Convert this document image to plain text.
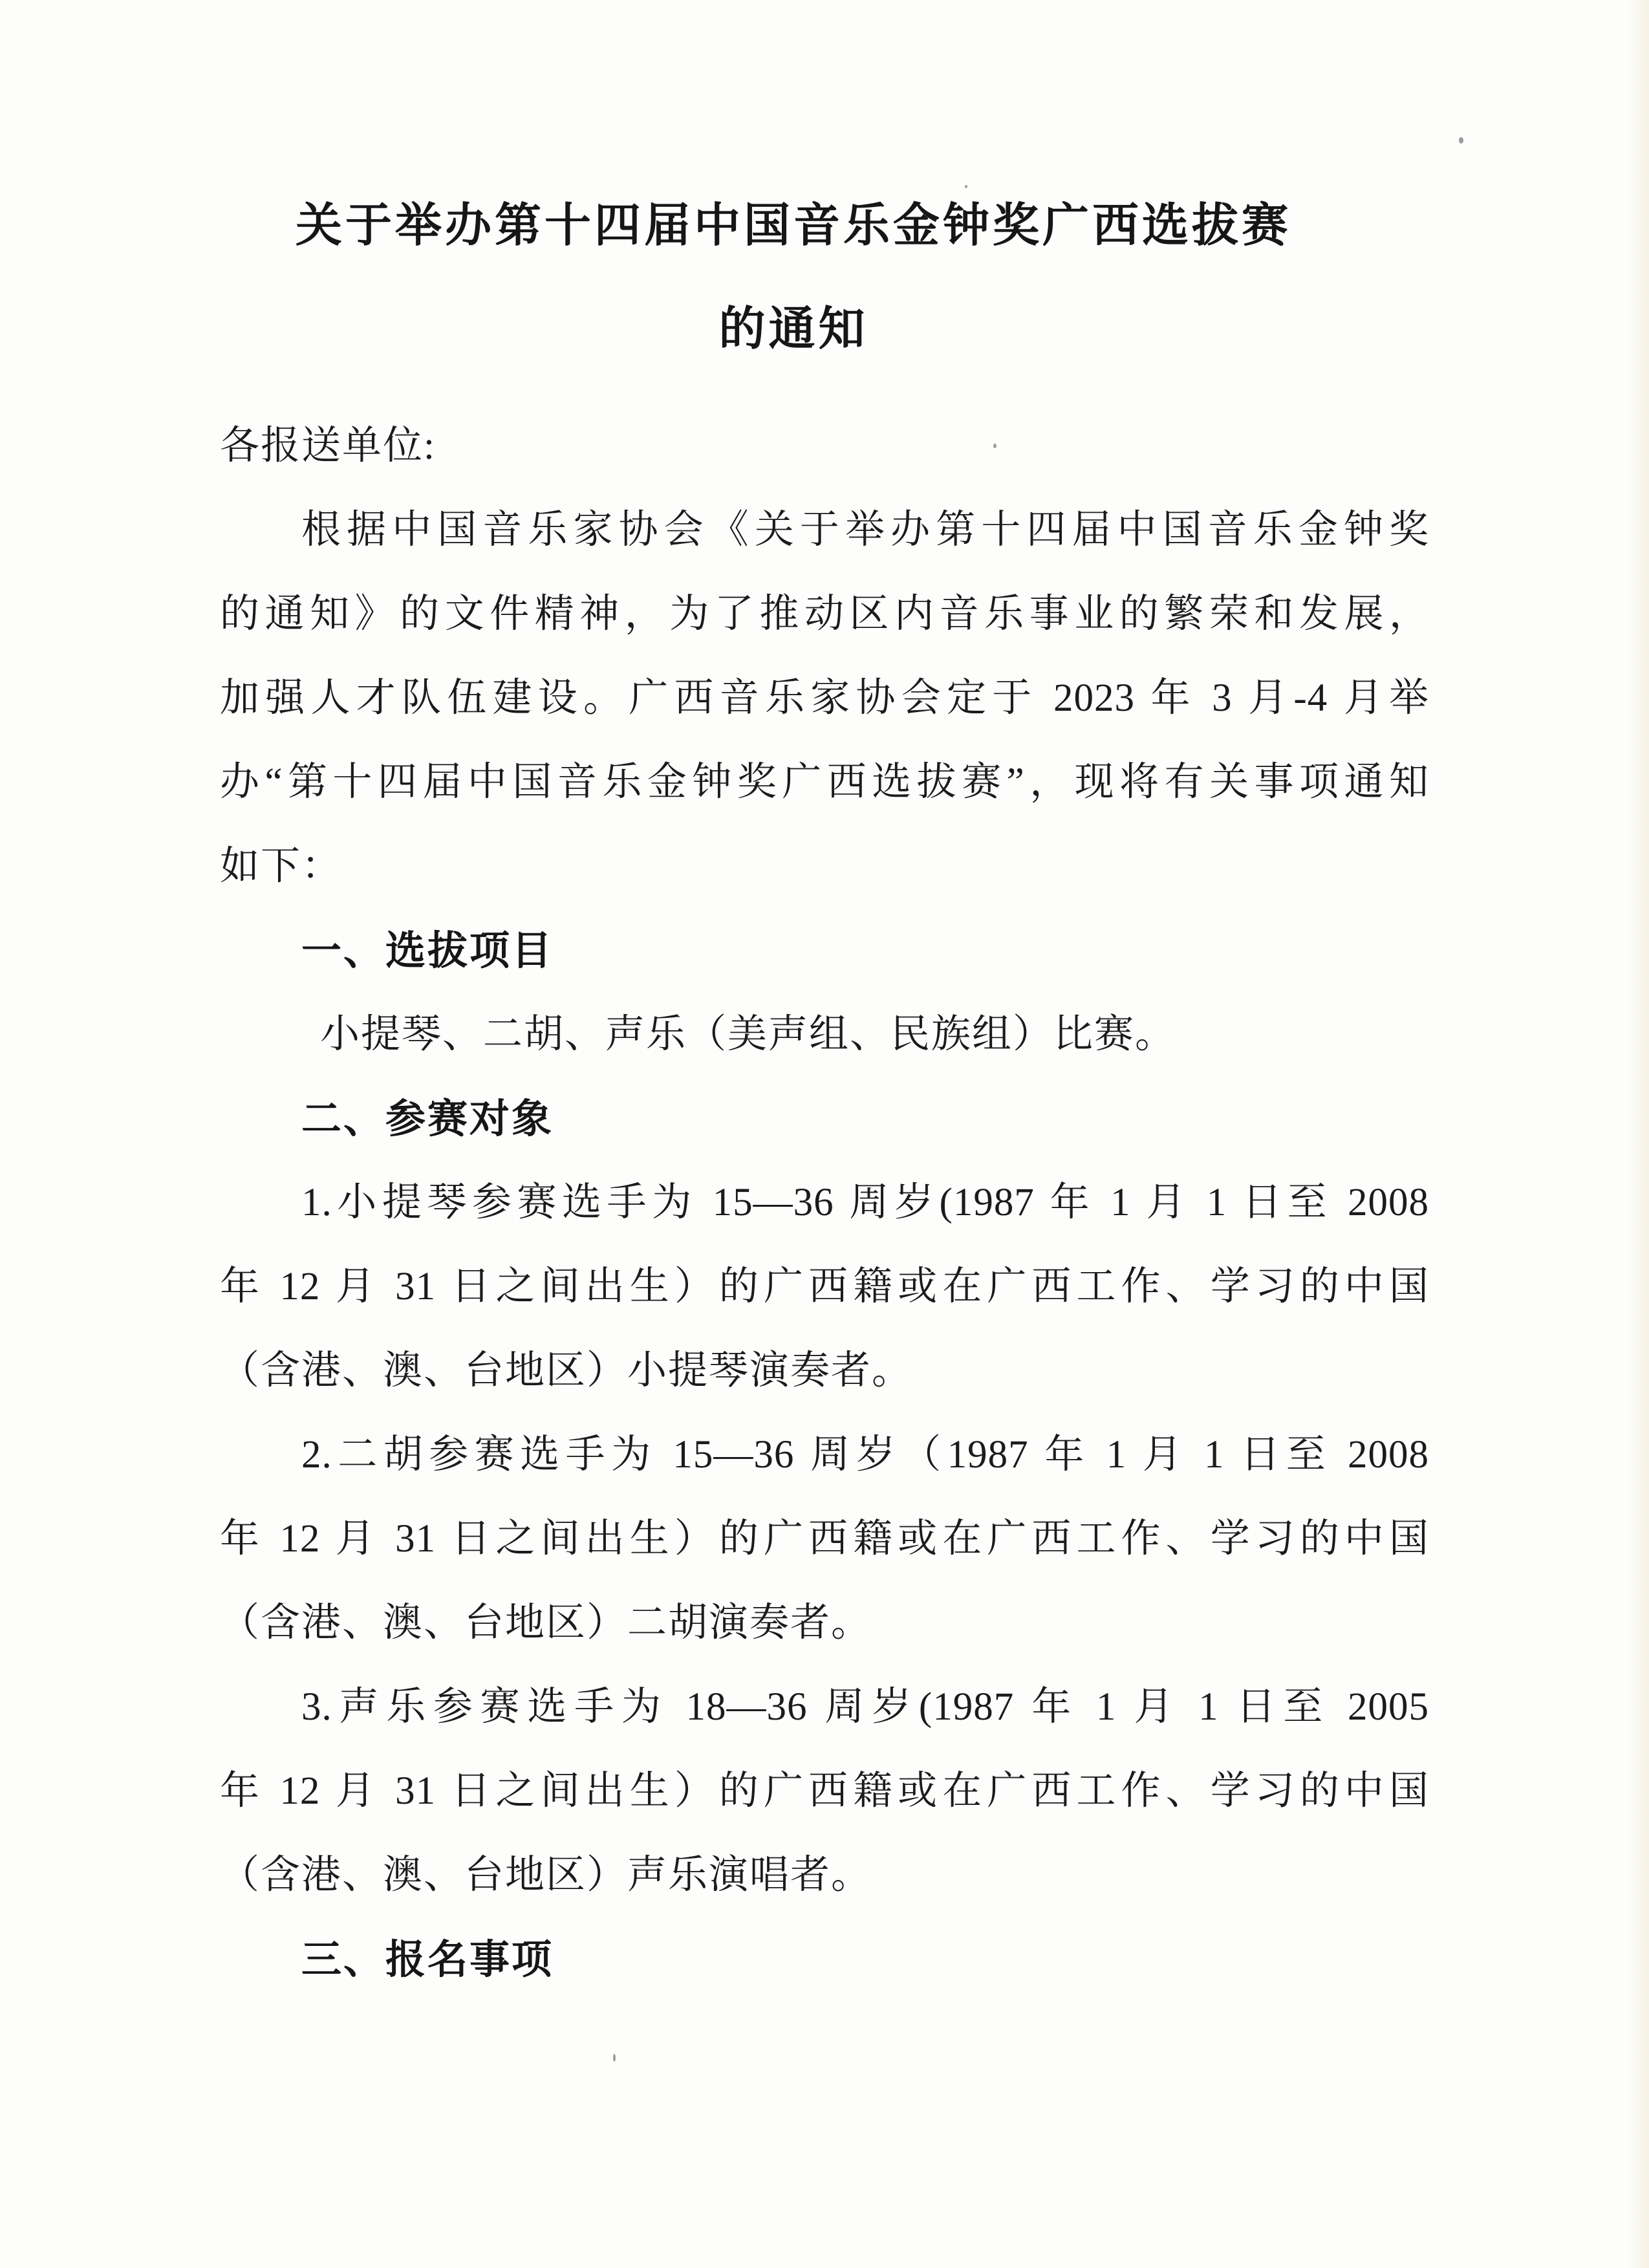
关于举办第十四届中国音乐金钟奖广西选拔赛
的通知
各报送单位:
根据中国音乐家协会《关于举办第十四届中国音乐金钟奖
的通知》的文件精神，为了推动区内音乐事业的繁荣和发展，
加强人才队伍建设。广西音乐家协会定于 2023 年 3 月-4 月举
办“第十四届中国音乐金钟奖广西选拔赛”，现将有关事项通知
如下：
一、选拔项目
小提琴、二胡、声乐（美声组、民族组）比赛。
二、参赛对象
1.小提琴参赛选手为 15—36 周岁(1987 年 1 月 1 日至 2008
年 12 月 31 日之间出生）的广西籍或在广西工作、学习的中国
（含港、澳、台地区）小提琴演奏者。
2.二胡参赛选手为 15—36 周岁（1987 年 1 月 1 日至 2008
年 12 月 31 日之间出生）的广西籍或在广西工作、学习的中国
（含港、澳、台地区）二胡演奏者。
3.声乐参赛选手为 18—36 周岁(1987 年 1 月 1 日至 2005
年 12 月 31 日之间出生）的广西籍或在广西工作、学习的中国
（含港、澳、台地区）声乐演唱者。
三、报名事项
